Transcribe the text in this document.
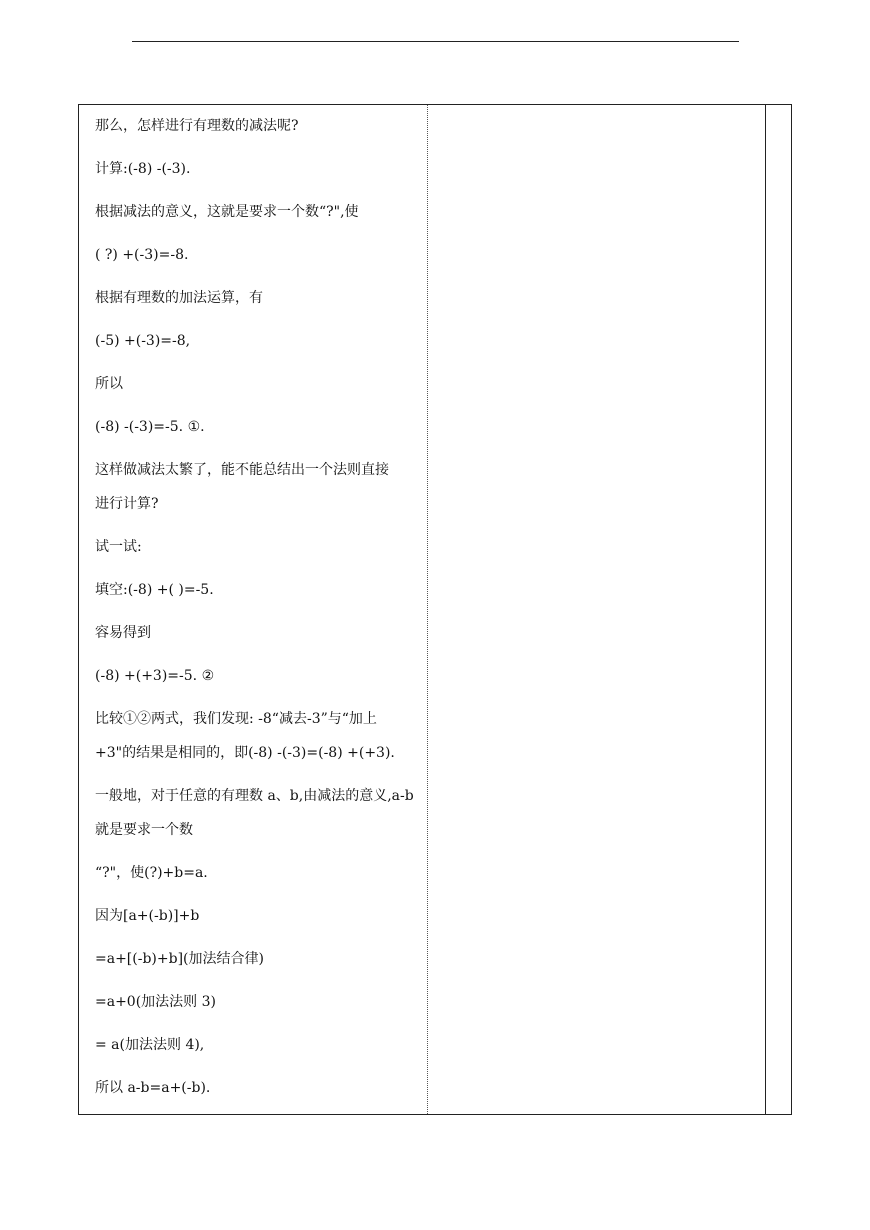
那么，怎样进行有理数的减法呢?
计算:(-8) -(-3).
根据减法的意义，这就是要求一个数“?",使
( ?) +(-3)=-8.
根据有理数的加法运算，有
(-5) +(-3)=-8,
所以
(-8) -(-3)=-5. ①.
这样做减法太繁了，能不能总结出一个法则直接
进行计算?
试一试:
填空:(-8) +( )=-5.
容易得到
(-8) +(+3)=-5. ②
比较①②两式，我们发现: -8“减去-3”与“加上
+3"的结果是相同的，即(-8) -(-3)=(-8) +(+3).
一般地，对于任意的有理数 a、b,由减法的意义,a-b
就是要求一个数
“?"，使(?)+b=a.
因为[a+(-b)]+b
=a+[(-b)+b](加法结合律)
=a+0(加法法则 3)
= a(加法法则 4),
所以 a-b=a+(-b).
